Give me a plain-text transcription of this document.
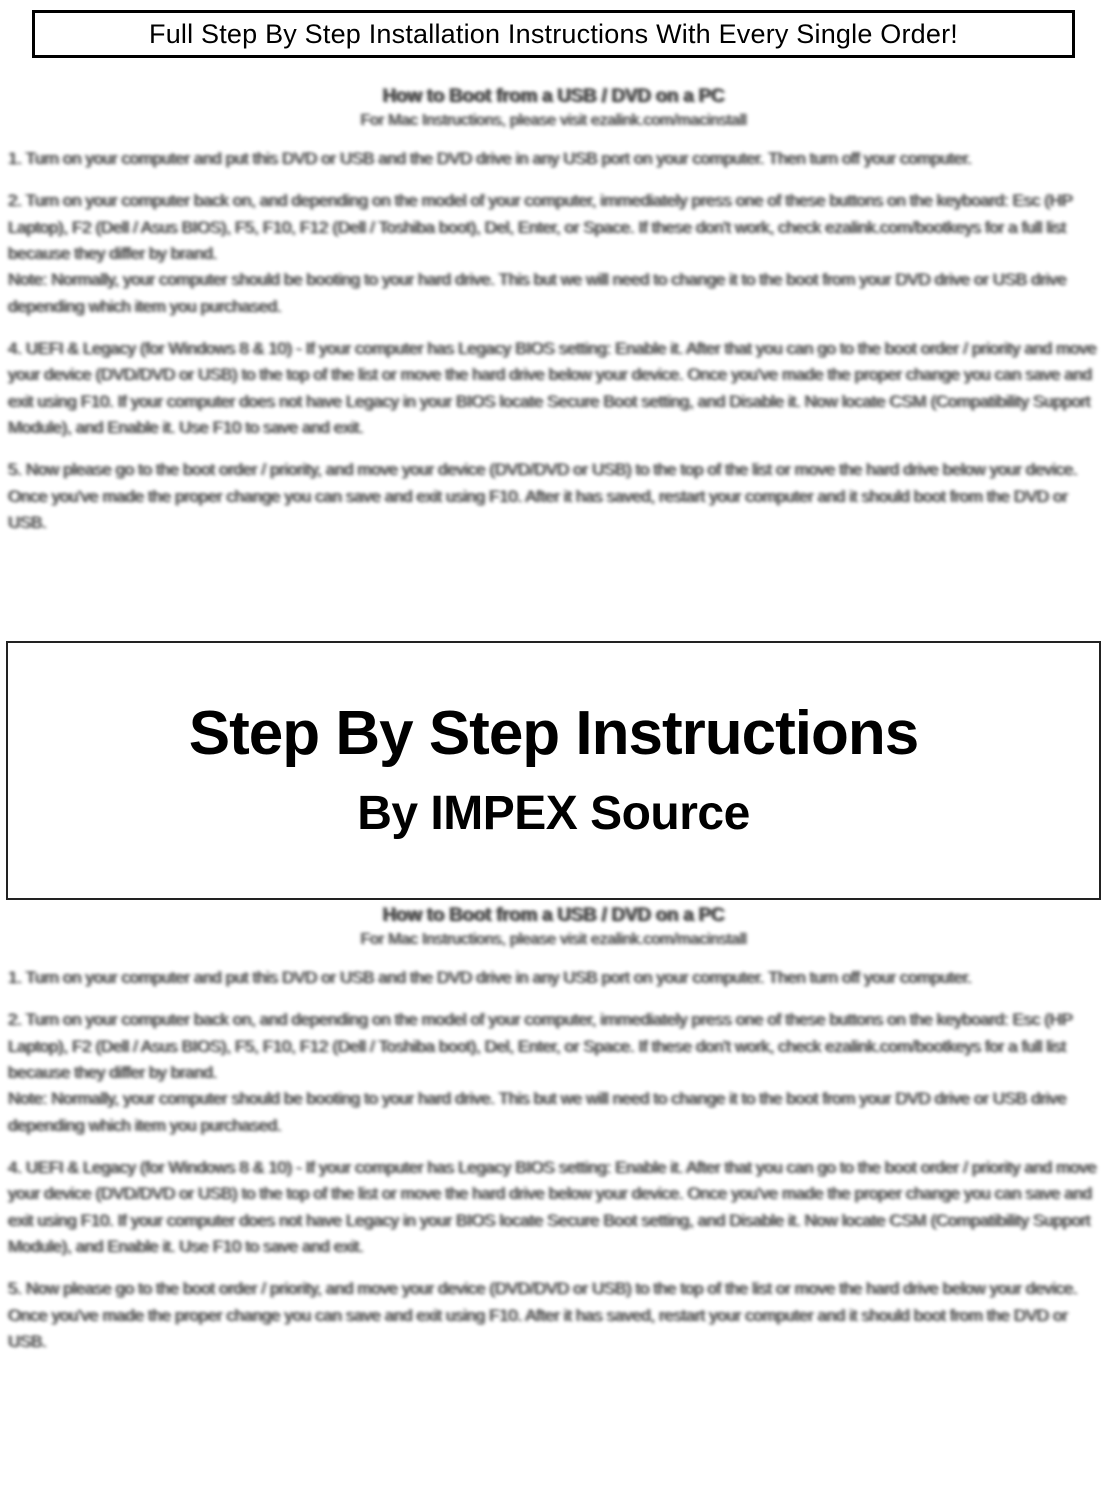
Full Step By Step Installation Instructions With Every Single Order!
How to Boot from a USB / DVD on a PC
For Mac Instructions, please visit ezalink.com/macinstall

1. Turn on your computer and put this DVD or USB and the DVD drive in any USB port on your computer. Then turn off your computer.

2. Turn on your computer back on, and depending on the model of your computer, immediately press one of these buttons on the keyboard: Esc (HP Laptop), F2 (Dell / Asus BIOS), F5, F10, F12 (Dell / Toshiba boot), Del, Enter, or Space. If these don't work, check ezalink.com/bootkeys for a full list because they differ by brand.

Note: Normally, your computer should be booting to your hard drive. This but we will need to change it to the boot from your DVD drive or USB drive depending which item you purchased.

4. UEFI & Legacy (for Windows 8 & 10) - If your computer has Legacy BIOS setting: Enable it. After that you can go to the boot order / priority and move your device (DVD/DVD or USB) to the top of the list or move the hard drive below your device. Once you've made the proper change you can save and exit using F10. If your computer does not have Legacy in your BIOS locate Secure Boot setting, and Disable it. Now locate CSM (Compatibility Support Module), and Enable it. Use F10 to save and exit.

5. Now please go to the boot order / priority, and move your device (DVD/DVD or USB) to the top of the list or move the hard drive below your device. Once you've made the proper change you can save and exit using F10. After it has saved, restart your computer and it should boot from the DVD or USB.

Step By Step Instructions
By IMPEX Source
How to Boot from a USB / DVD on a PC
For Mac Instructions, please visit ezalink.com/macinstall

1. Turn on your computer and put this DVD or USB and the DVD drive in any USB port on your computer. Then turn off your computer.

2. Turn on your computer back on, and depending on the model of your computer, immediately press one of these buttons on the keyboard: Esc (HP Laptop), F2 (Dell / Asus BIOS), F5, F10, F12 (Dell / Toshiba boot), Del, Enter, or Space. If these don't work, check ezalink.com/bootkeys for a full list because they differ by brand.

Note: Normally, your computer should be booting to your hard drive. This but we will need to change it to the boot from your DVD drive or USB drive depending which item you purchased.

4. UEFI & Legacy (for Windows 8 & 10) - If your computer has Legacy BIOS setting: Enable it. After that you can go to the boot order / priority and move your device (DVD/DVD or USB) to the top of the list or move the hard drive below your device. Once you've made the proper change you can save and exit using F10. If your computer does not have Legacy in your BIOS locate Secure Boot setting, and Disable it. Now locate CSM (Compatibility Support Module), and Enable it. Use F10 to save and exit.

5. Now please go to the boot order / priority, and move your device (DVD/DVD or USB) to the top of the list or move the hard drive below your device. Once you've made the proper change you can save and exit using F10. After it has saved, restart your computer and it should boot from the DVD or USB.
